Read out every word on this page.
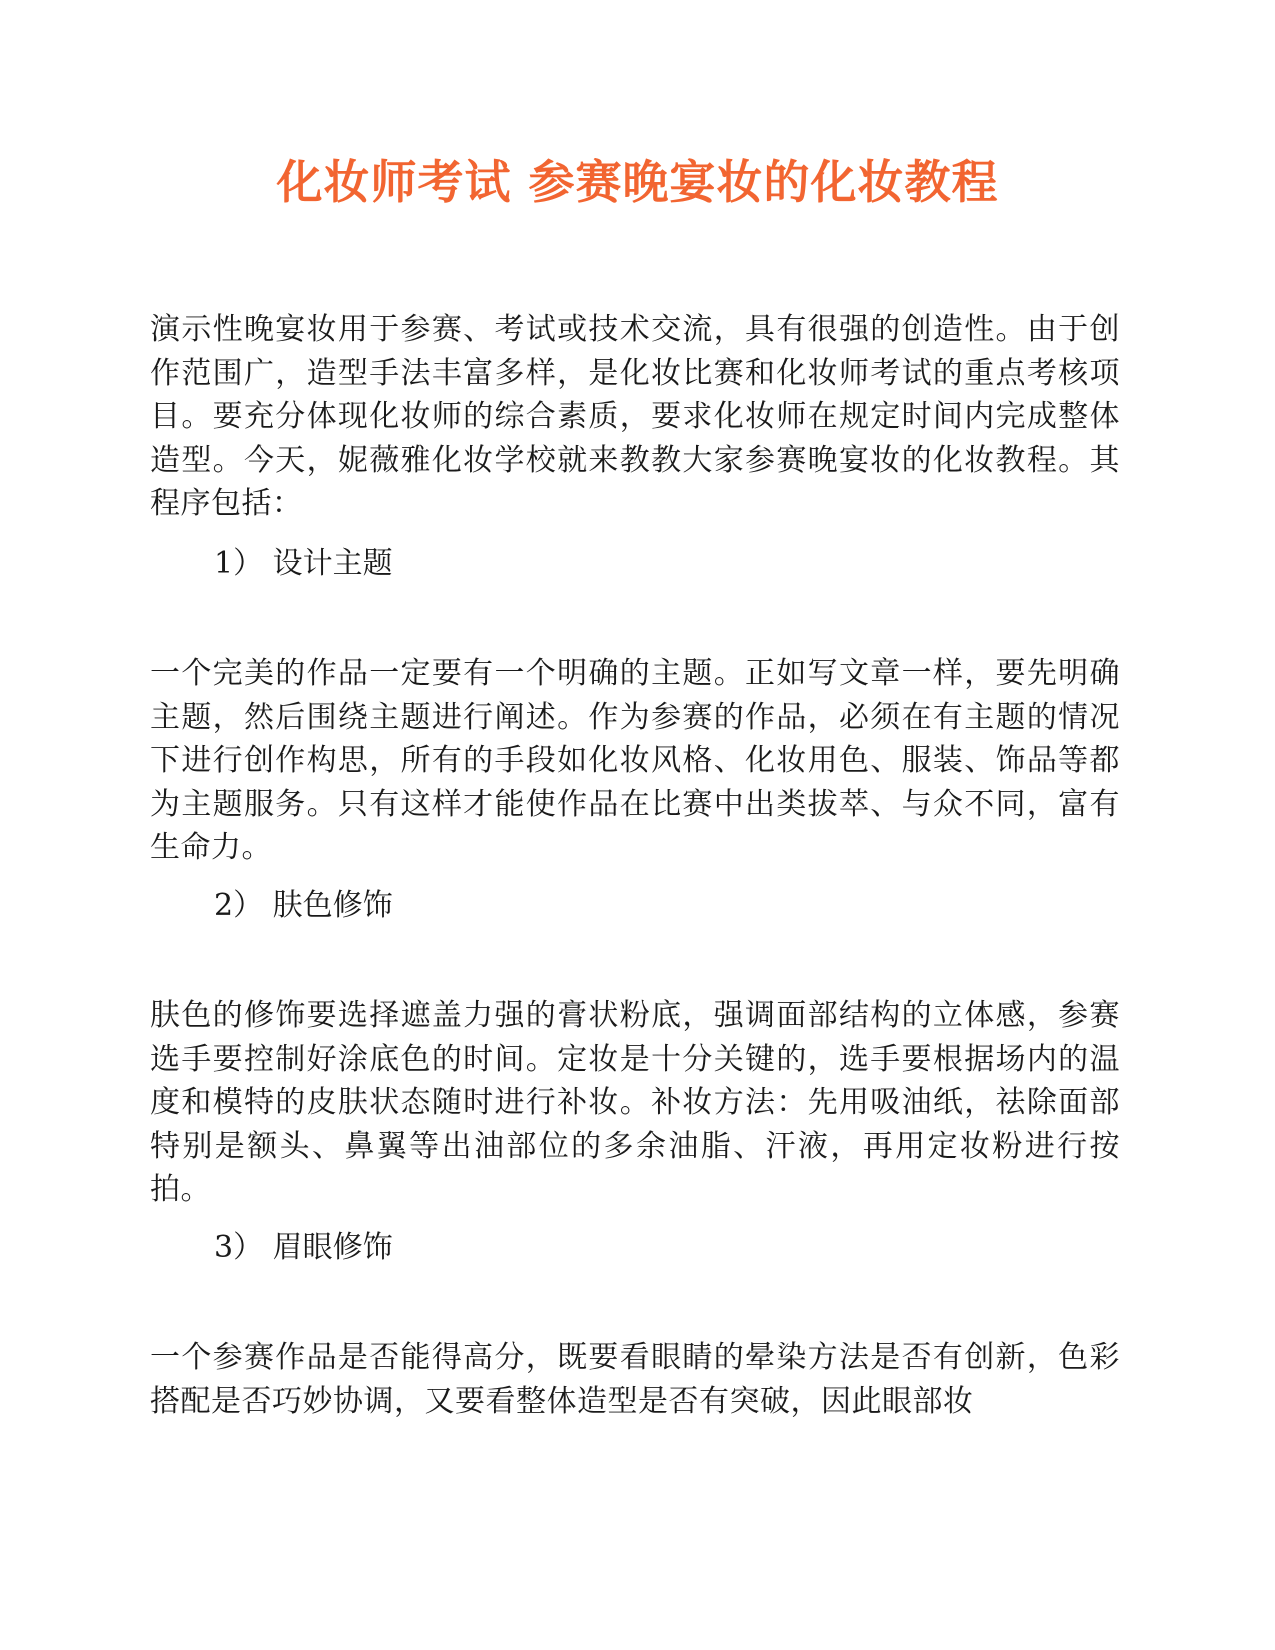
化妆师考试 参赛晚宴妆的化妆教程

演示性晚宴妆用于参赛、考试或技术交流，具有很强的创造性。由于创作范围广，造型手法丰富多样，是化妆比赛和化妆师考试的重点考核项目。要充分体现化妆师的综合素质，要求化妆师在规定时间内完成整体造型。今天，妮薇雅化妆学校就来教教大家参赛晚宴妆的化妆教程。其程序包括：

1） 设计主题

一个完美的作品一定要有一个明确的主题。正如写文章一样，要先明确主题，然后围绕主题进行阐述。作为参赛的作品，必须在有主题的情况下进行创作构思，所有的手段如化妆风格、化妆用色、服装、饰品等都为主题服务。只有这样才能使作品在比赛中出类拔萃、与众不同，富有生命力。

2） 肤色修饰

肤色的修饰要选择遮盖力强的膏状粉底，强调面部结构的立体感，参赛选手要控制好涂底色的时间。定妆是十分关键的，选手要根据场内的温度和模特的皮肤状态随时进行补妆。补妆方法：先用吸油纸，祛除面部特别是额头、鼻翼等出油部位的多余油脂、汗液，再用定妆粉进行按拍。

3） 眉眼修饰

一个参赛作品是否能得高分，既要看眼睛的晕染方法是否有创新，色彩搭配是否巧妙协调，又要看整体造型是否有突破，因此眼部妆
